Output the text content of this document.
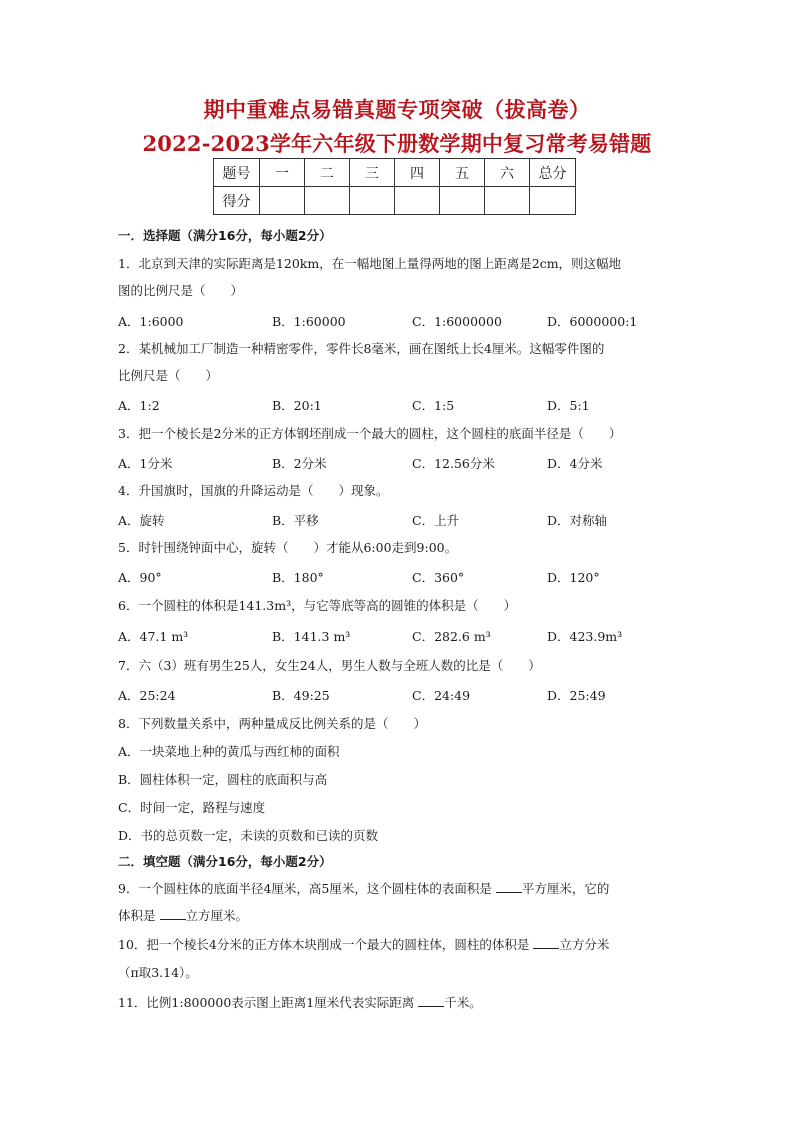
期中重难点易错真题专项突破（拔高卷）
2022-2023学年六年级下册数学期中复习常考易错题
题号	一	二	三	四	五	六	总分
得分							
一．选择题（满分16分，每小题2分）
1．北京到天津的实际距离是120km，在一幅地图上量得两地的图上距离是2cm，则这幅地
图的比例尺是（　　）
A．1:6000	B．1:60000	C．1:6000000	D．6000000:1
2．某机械加工厂制造一种精密零件，零件长8毫米，画在图纸上长4厘米。这幅零件图的
比例尺是（　　）
A．1:2	B．20:1	C．1:5	D．5:1
3．把一个棱长是2分米的正方体钢坯削成一个最大的圆柱，这个圆柱的底面半径是（　　）
A．1分米	B．2分米	C．12.56分米	D．4分米
4．升国旗时，国旗的升降运动是（　　）现象。
A．旋转	B．平移	C．上升	D．对称轴
5．时针围绕钟面中心，旋转（　　）才能从6:00走到9:00。
A．90°	B．180°	C．360°	D．120°
6．一个圆柱的体积是141.3m³，与它等底等高的圆锥的体积是（　　）
A．47.1 m³	B．141.3 m³	C．282.6 m³	D．423.9m³
7．六（3）班有男生25人，女生24人，男生人数与全班人数的比是（　　）
A．25:24	B．49:25	C．24:49	D．25:49
8．下列数量关系中，两种量成反比例关系的是（　　）
A．一块菜地上种的黄瓜与西红柿的面积
B．圆柱体积一定，圆柱的底面积与高
C．时间一定，路程与速度
D．书的总页数一定，未读的页数和已读的页数
二．填空题（满分16分，每小题2分）
9．一个圆柱体的底面半径4厘米，高5厘米，这个圆柱体的表面积是 平方厘米，它的
体积是 立方厘米。
10．把一个棱长4分米的正方体木块削成一个最大的圆柱体，圆柱的体积是 立方分米
（π取3.14）。
11．比例1:800000表示图上距离1厘米代表实际距离 千米。
